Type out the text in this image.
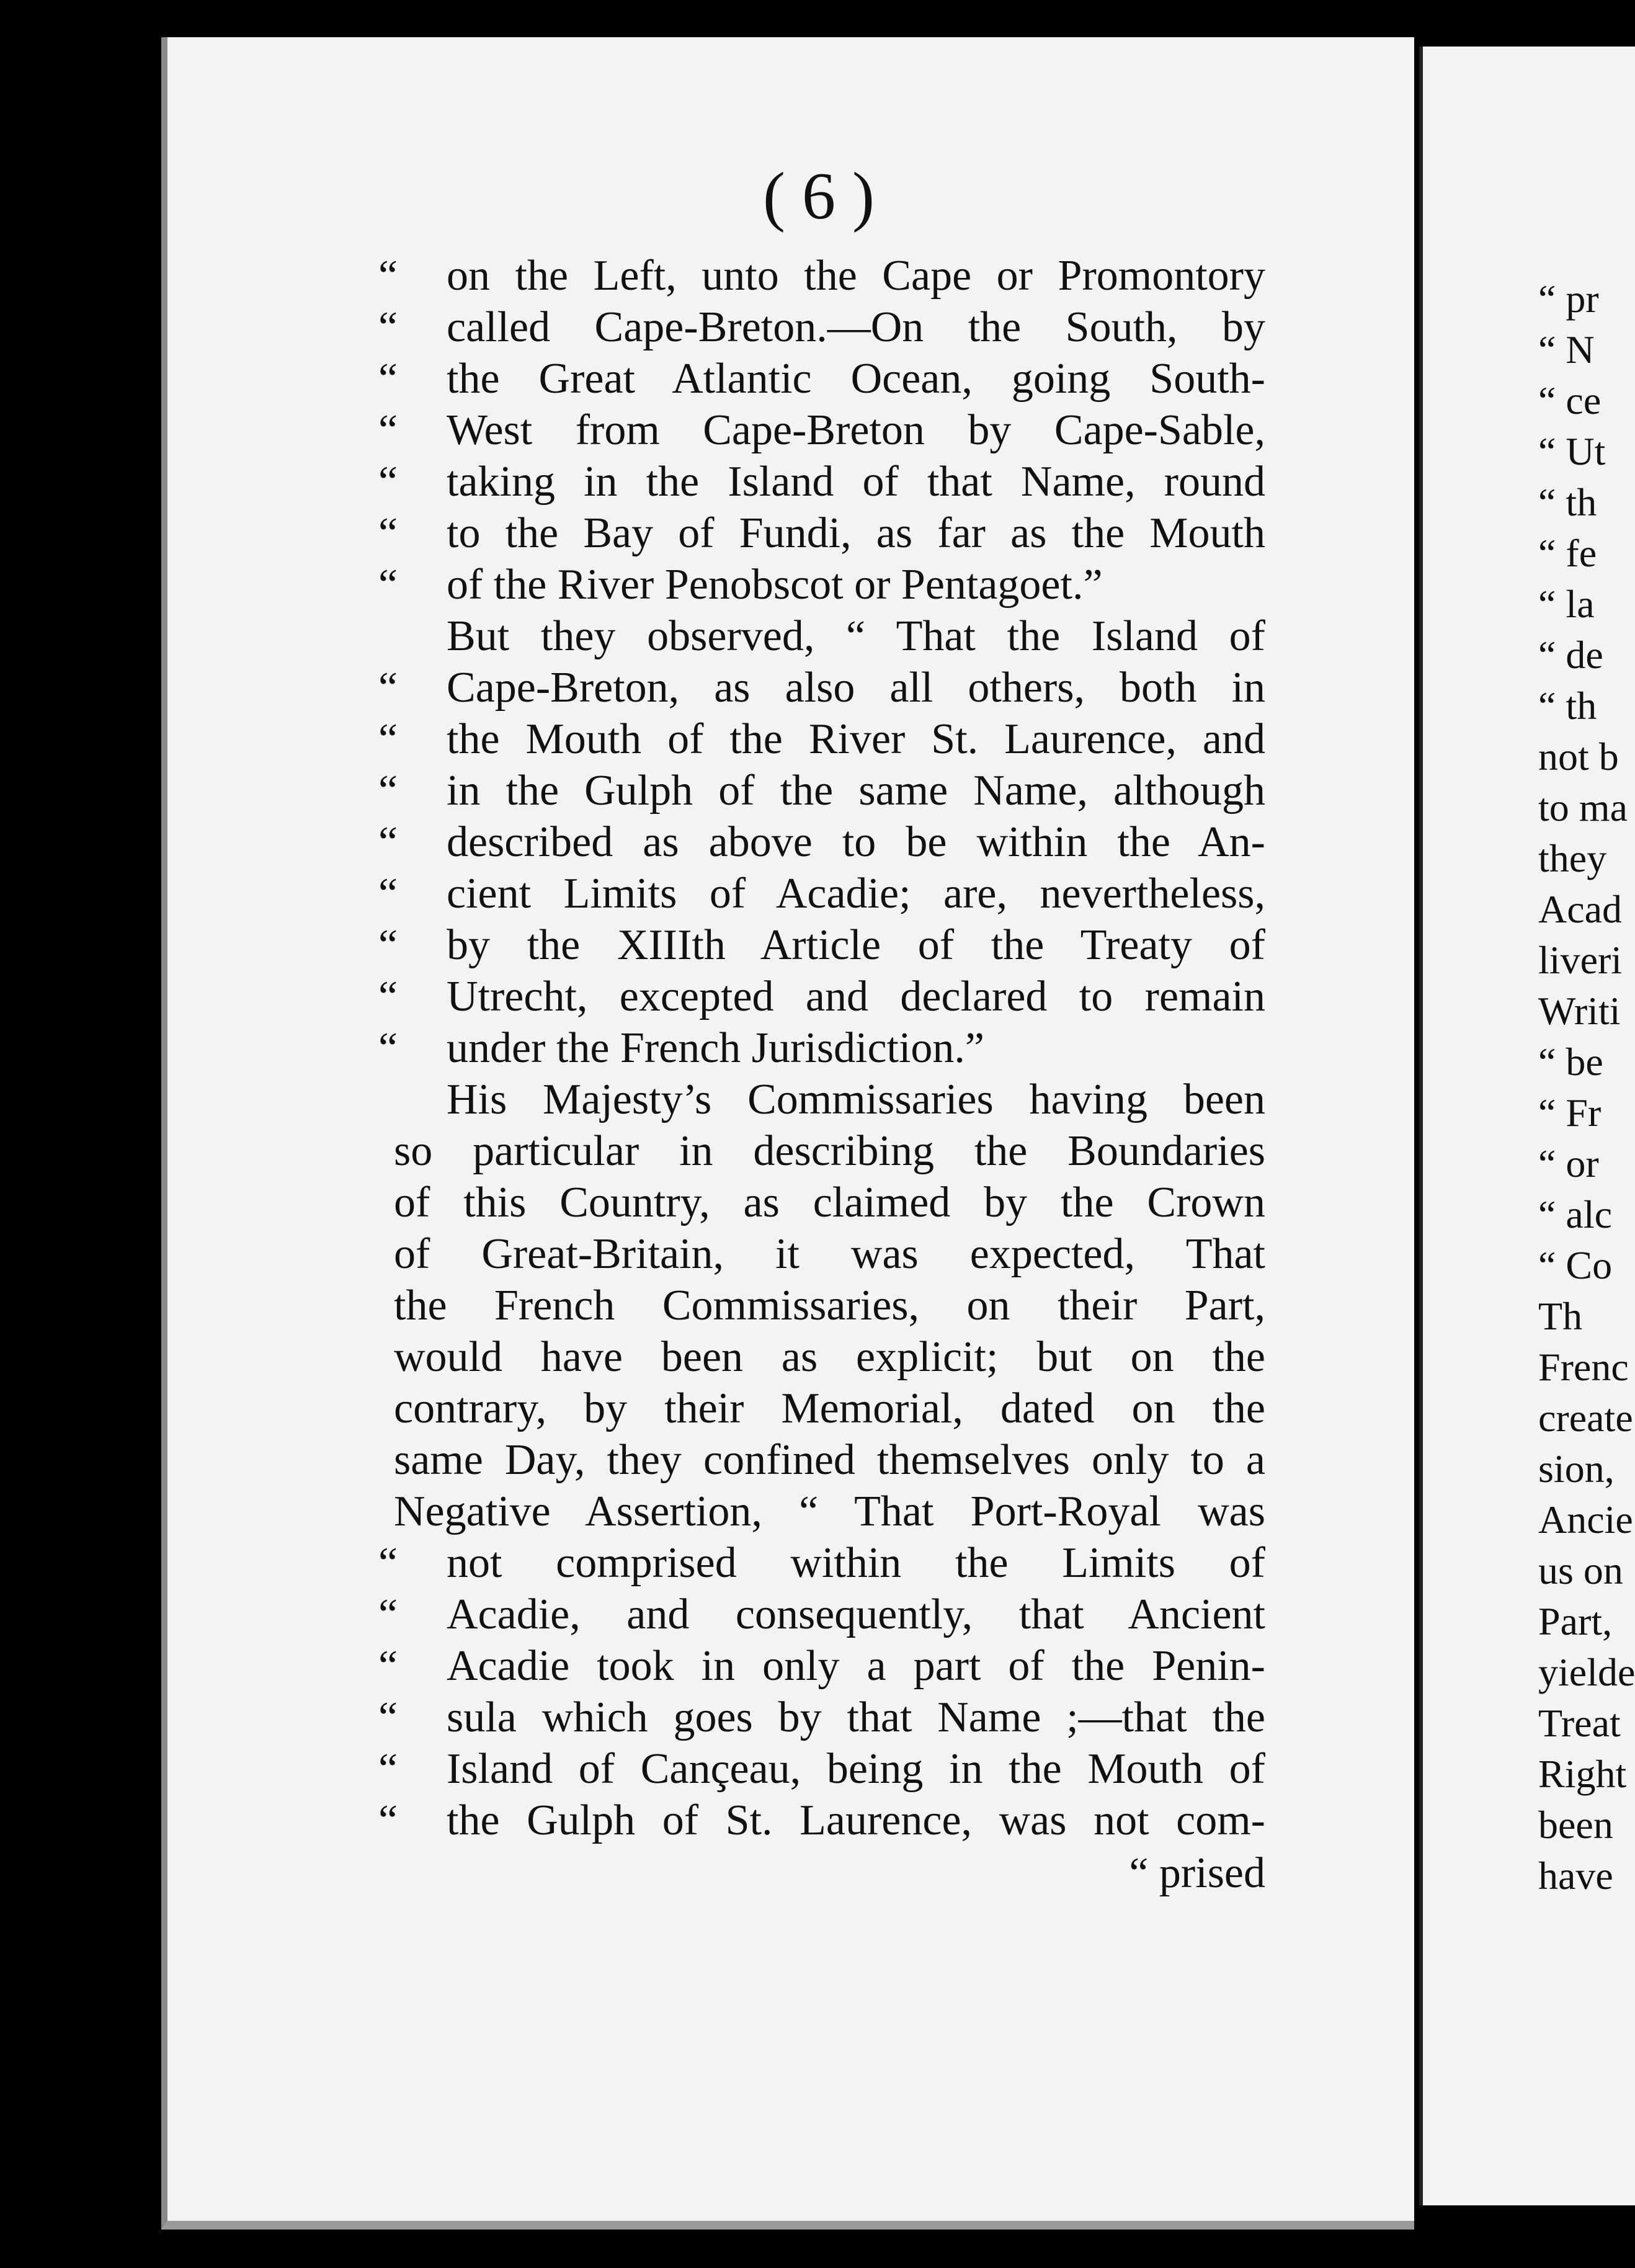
( 6 )
on the Left, unto the Cape or Promontory
“
called Cape-Breton.—On the South, by
“
the Great Atlantic Ocean, going South-
“
West from Cape-Breton by Cape-Sable,
“
taking in the Island of that Name, round
“
to the Bay of Fundi, as far as the Mouth
“
of the River Penobscot or Pentagoet.”
“
But they observed, “ That the Island of
Cape-Breton, as also all others, both in
“
the Mouth of the River St. Laurence, and
“
in the Gulph of the same Name, although
“
described as above to be within the An-
“
cient Limits of Acadie; are, nevertheless,
“
by the XIIIth Article of the Treaty of
“
Utrecht, excepted and declared to remain
“
under the French Jurisdiction.”
“
His Majesty’s Commissaries having been
so particular in describing the Boundaries
of this Country, as claimed by the Crown
of Great-Britain, it was expected, That
the French Commissaries, on their Part,
would have been as explicit; but on the
contrary, by their Memorial, dated on the
same Day, they confined themselves only to a
Negative Assertion, “ That Port-Royal was
not comprised within the Limits of
“
Acadie, and consequently, that Ancient
“
Acadie took in only a part of the Penin-
“
sula which goes by that Name ;—that the
“
Island of Cançeau, being in the Mouth of
“
the Gulph of St. Laurence, was not com-
“
“ prised
“ pr
“ N
“ ce
“ Ut
“ th
“ fe
“ la
“ de
“ th
not b
to ma
they
Acad
liveri
Writi
“ be
“ Fr
“ or
“ alc
“ Co
Th
Frenc
create
sion,
Ancie
us on
Part,
yielde
Treat
Right
been
have
